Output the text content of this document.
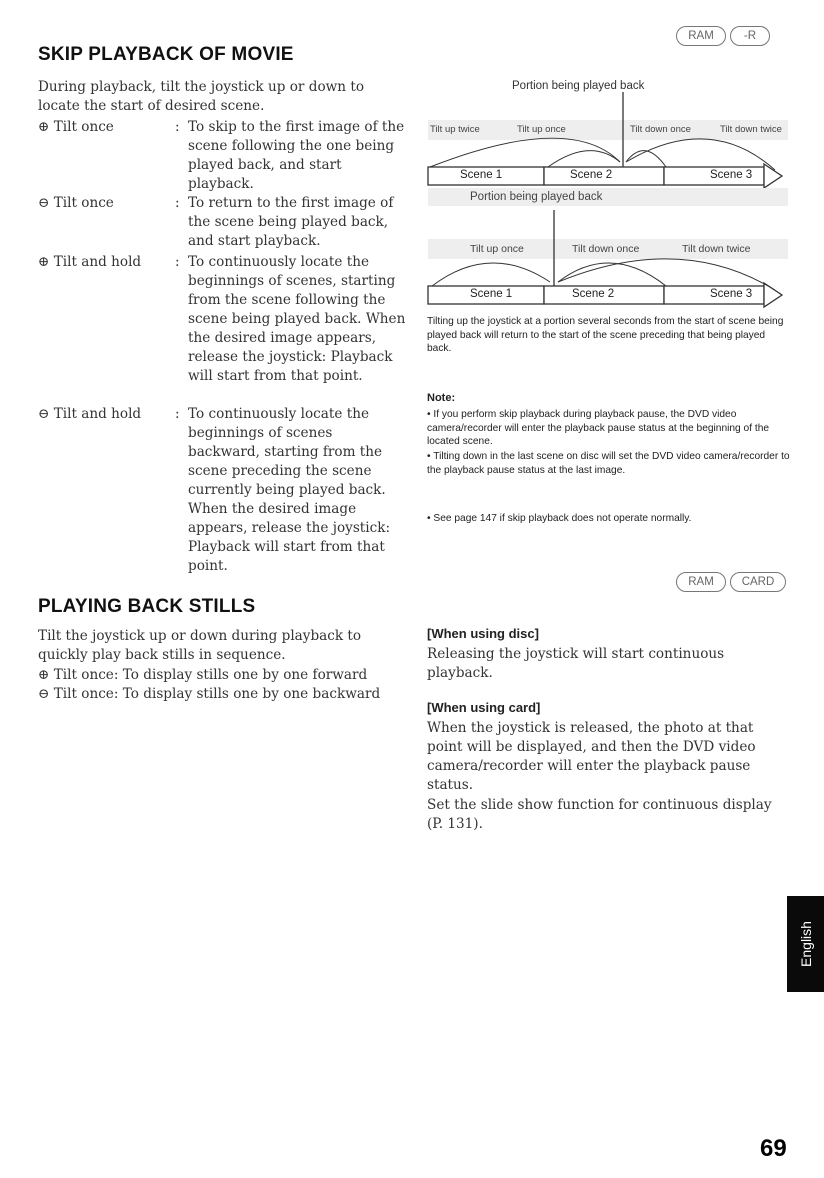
SKIP PLAYBACK OF MOVIE
RAM	-R
During playback, tilt the joystick up or down to locate the start of desired scene.
⊕ Tilt once	: To skip to the first image of the scene following the one being played back, and start playback.
⊖ Tilt once	: To return to the first image of the scene being played back, and start playback.
⊕ Tilt and hold : To continuously locate the beginnings of scenes, starting from the scene following the scene being played back. When the desired image appears, release the joystick: Playback will start from that point.
⊖ Tilt and hold : To continuously locate the beginnings of scenes backward, starting from the scene preceding the scene currently being played back. When the desired image appears, release the joystick: Playback will start from that point.
Portion being played back
Tilt up twice	Tilt up once	Tilt down once	Tilt down twice
Scene 1	Scene 2	Scene 3
Portion being played back
Tilt up once	Tilt down once	Tilt down twice
Scene 1	Scene 2	Scene 3
Tilting up the joystick at a portion several seconds from the start of scene being played back will return to the start of the scene preceding that being played back.
Note:
• If you perform skip playback during playback pause, the DVD video camera/recorder will enter the playback pause status at the beginning of the located scene.
• Tilting down in the last scene on disc will set the DVD video camera/recorder to the playback pause status at the last image.
• See page 147 if skip playback does not operate normally.
RAM	CARD
PLAYING BACK STILLS
Tilt the joystick up or down during playback to quickly play back stills in sequence.
⊕ Tilt once: To display stills one by one forward
⊖ Tilt once: To display stills one by one backward
[When using disc]
Releasing the joystick will start continuous playback.
[When using card]
When the joystick is released, the photo at that point will be displayed, and then the DVD video camera/recorder will enter the playback pause status.
Set the slide show function for continuous display (P. 131).
English
69
